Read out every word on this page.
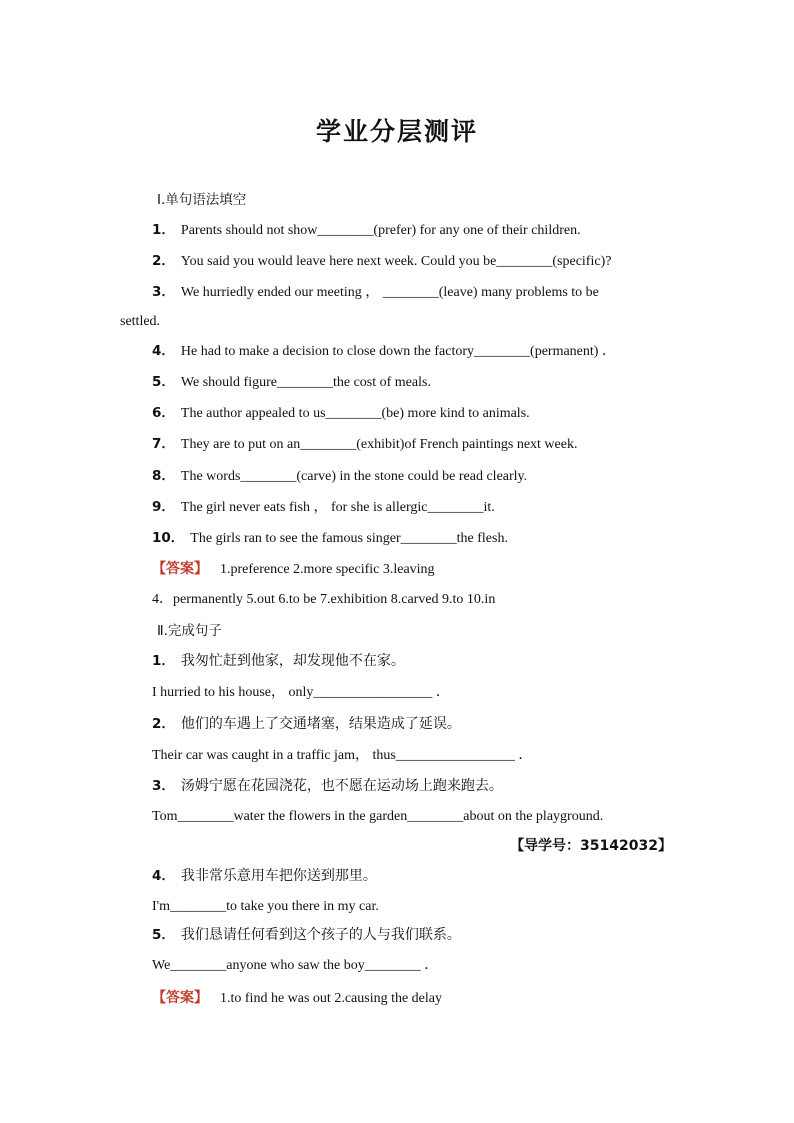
学业分层测评
Ⅰ.单句语法填空
1． Parents should not show________(prefer) for any one of their children.
2． You said you would leave here next week. Could you be________(specific)?
3． We hurriedly ended our meeting ， ________(leave) many problems to be
settled.
4． He had to make a decision to close down the factory________(permanent) ．
5． We should figure________the cost of meals.
6． The author appealed to us________(be) more kind to animals.
7． They are to put on an________(exhibit)of French paintings next week.
8． The words________(carve) in the stone could be read clearly.
9． The girl never eats fish ， for she is allergic________it.
10． The girls ran to see the famous singer________the flesh.
【答案】 1.preference 2.more specific 3.leaving
4．permanently 5.out 6.to be 7.exhibition 8.carved 9.to 10.in
Ⅱ.完成句子
1． 我匆忙赶到他家，却发现他不在家。
I hurried to his house， only_________________ ．
2． 他们的车遇上了交通堵塞，结果造成了延误。
Their car was caught in a traffic jam， thus_________________ ．
3． 汤姆宁愿在花园浇花，也不愿在运动场上跑来跑去。
Tom________water the flowers in the garden________about on the playground.
【导学号：35142032】
4． 我非常乐意用车把你送到那里。
I'm________to take you there in my car.
5． 我们恳请任何看到这个孩子的人与我们联系。
We________anyone who saw the boy________ ．
【答案】 1.to find he was out 2.causing the delay
